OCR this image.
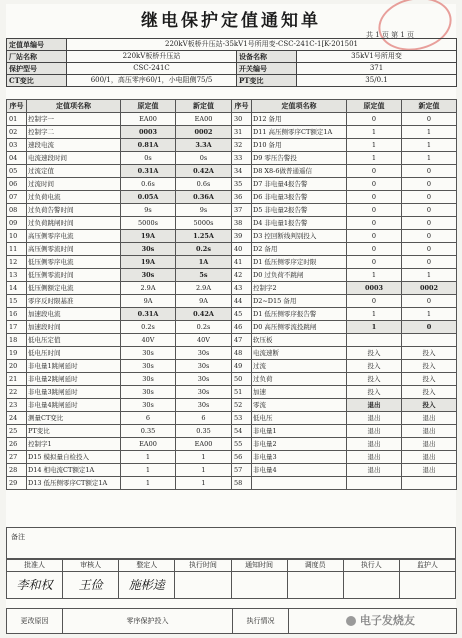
继电保护定值通知单
共 1 页 第 1 页
定值单编号	220kV板桥升压站-35kV1号所用变-CSC-241C-1[K-201501		
厂站名称	220kV板桥升压站	设备名称	35kV1号所用变
保护型号	CSC-241C	开关编号	371
CT变比	600/1，高压零序60/1，小电阻侧75/5	PT变比	35/0.1
序号	定值项名称	原定值	新定值	序号	定值项名称	原定值	新定值
01	控制字一	EA00	EA00	30	D12 备用	0	0
02	控制字二	0003	0002	31	D11 高压侧零序CT额定1A	1	1
03	速段电流	0.81A	3.3A	32	D10 备用	1	1
04	电流速段时间	0s	0s	33	D9 零压告警投	1	1
05	过流定值	0.31A	0.42A	34	D8 X8-6做普通遥信	0	0
06	过流时间	0.6s	0.6s	35	D7 非电量4报告警	0	0
07	过负荷电流	0.05A	0.36A	36	D6 非电量3报告警	0	0
08	过负荷告警时间	9s	9s	37	D5 非电量2报告警	0	0
09	过负荷跳闸时间	5000s	5000s	38	D4 非电量1报告警	0	0
10	高压侧零序电流	19A	1.25A	39	D3 控回断线判别投入	0	0
11	高压侧零流时间	30s	0.2s	40	D2 备用	0	0
12	低压侧零序电流	19A	1A	41	D1 低压侧零序定时限	0	0
13	低压侧零流时间	30s	5s	42	D0 过负荷不跳闸	1	1
14	低压侧额定电流	2.9A	2.9A	43	控制字2	0003	0002
15	零序反时限基准	9A	9A	44	D2~D15 备用	0	0
16	加速段电流	0.31A	0.42A	45	D1 低压侧零序报告警	1	1
17	加速段时间	0.2s	0.2s	46	D0 高压侧零流投跳闸	1	0
18	低电压定值	40V	40V	47	软压板		
19	低电压时间	30s	30s	48	电流速断	投入	投入
20	非电量1跳闸延时	30s	30s	49	过流	投入	投入
21	非电量2跳闸延时	30s	30s	50	过负荷	投入	投入
22	非电量3跳闸延时	30s	30s	51	加速	投入	投入
23	非电量4跳闸延时	30s	30s	52	零流	退出	投入
24	测量CT变比	6	6	53	低电压	退出	退出
25	PT变比	0.35	0.35	54	非电量1	退出	退出
26	控制字1	EA00	EA00	55	非电量2	退出	退出
27	D15 模拟量自检投入	1	1	56	非电量3	退出	退出
28	D14 相电流CT额定1A	1	1	57	非电量4	退出	退出
29	D13 低压侧零序CT额定1A	1	1	58			
备注
批准人	审核人	整定人	执行时间	通知时间	调度员	执行人	监护人
李和权	王俭	施彬逵					
更改原因	零序保护投入	执行情况		电子发烧友
